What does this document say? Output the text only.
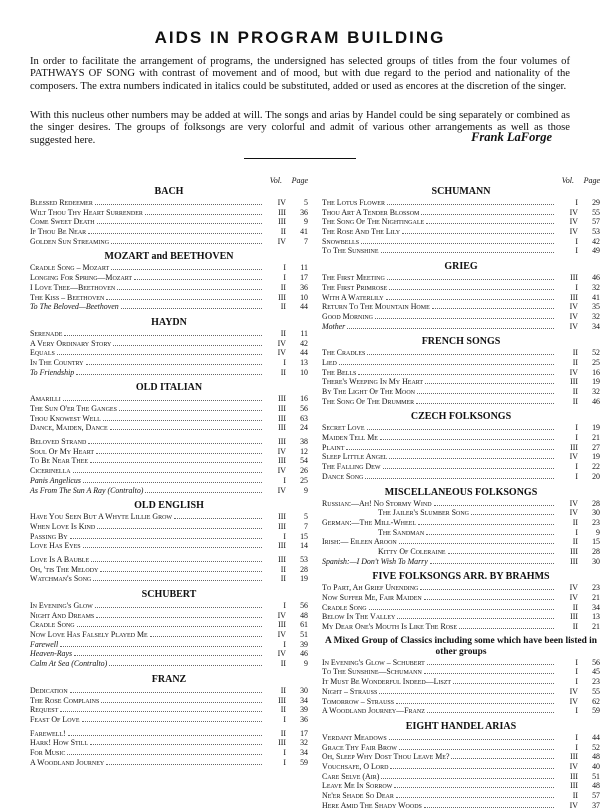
AIDS IN PROGRAM BUILDING

In order to facilitate the arrangement of programs, the undersigned has selected groups of titles from the four volumes of PATHWAYS OF SONG with contrast of movement and of mood, but with due regard to the period and nationality of the composers. The extra numbers indicated in italics could be substituted, added or used as encores at the discretion of the singer.

With this nucleus other numbers may be added at will. The songs and arias by Handel could be sing separately or combined as the singer desires. The groups of folksongs are very colorful and admit of various other arrangements as well as those suggested here.	Frank LaForge
Vol. Page
BACH
Blessed Redeemer	IV	5
Wilt Thou Thy Heart Surrender	III	36
Come Sweet Death	III	9
If Thou Be Near	II	41
Golden Sun Streaming	IV	7
MOZART and BEETHOVEN
Cradle Song – Mozart	I	11
Longing For Spring—Mozart	I	17
I Love Thee—Beethoven	II	36
The Kiss – Beethoven	III	10
To The Beloved—Beethoven	II	44
HAYDN
Serenade	II	11
A Very Ordinary Story	IV	42
Equals	IV	44
In The Country	I	13
To Friendship	II	10
OLD ITALIAN
Amarilli	III	16
The Sun O'er The Ganges	III	56
Thou Knowest Well	III	63
Dance, Maiden, Dance	III	24
Beloved Strand	III	38
Soul Of My Heart	IV	12
To Be Near Thee	III	54
Cicerinella	IV	26
Panis Angelicus	I	25
As From The Sun A Ray (Contralto)	IV	9
OLD ENGLISH
Have You Seen But A Whyte Lillie Grow	III	5
When Love Is Kind	III	7
Passing By	I	15
Love Has Eyes	III	14
Love Is A Bauble	III	53
Oh, 'tis The Melody	II	28
Watchman's Song	II	19
SCHUBERT
In Evening's Glow	I	56
Night And Dreams	IV	48
Cradle Song	III	61
Now Love Has Falsely Played Me	IV	51
Farewell	I	39
Heaven-Rays	IV	46
Calm At Sea (Contralto)	II	9
FRANZ
Dedication	II	30
The Rose Complains	III	34
Request	II	39
Feast Of Love	I	36
Farewell!	II	17
Hark! How Still	III	32
For Music	I	34
A Woodland Journey	I	59
Vol. Page
SCHUMANN
The Lotus Flower	I	29
Thou Art A Tender Blossom	IV	55
The Song Of The Nightingale	IV	57
The Rose And The Lily	IV	53
Snowbells	I	42
To The Sunshine	I	49
GRIEG
The First Meeting	III	46
The First Primrose	I	32
With A Waterlily	III	41
Return To The Mountain Home	IV	35
Good Morning	IV	32
Mother	IV	34
FRENCH SONGS
The Cradles	II	52
Lied	II	25
The Bells	IV	16
There's Weeping In My Heart	III	19
By The Light Of The Moon	II	32
The Song Of The Drummer	II	46
CZECH FOLKSONGS
Secret Love	I	19
Maiden Tell Me	I	21
Plaint	III	27
Sleep Little Angel	IV	19
The Falling Dew	I	22
Dance Song	I	20
MISCELLANEOUS FOLKSONGS
Russian:—Ah! No Stormy Wind	IV	28
The Jailer's Slumber Song	IV	30
German:—The Mill-Wheel	II	23
The Sandman	I	9
Irish:— Eileen Aroon	II	15
Kitty Of Coleraine	III	28
Spanish:—I Don't Wish To Marry	III	30
FIVE FOLKSONGS ARR. BY BRAHMS
To Part, Ah Grief Unending	IV	23
Now Suffer Me, Fair Maiden	IV	21
Cradle Song	II	34
Below In The Valley	III	13
My Dear One's Mouth Is Like The Rose	II	21
A Mixed Group of Classics including some which have been listed in other groups
In Evening's Glow – Schubert	I	56
To The Sunshine—Schumann	I	45
It Must Be Wonderful Indeed—Liszt	I	23
Night – Strauss	IV	55
Tomorrow – Strauss	IV	62
A Woodland Journey—Franz	I	59
EIGHT HANDEL ARIAS
Verdant Meadows	I	44
Grace Thy Fair Brow	I	52
Oh, Sleep Why Dost Thou Leave Me?	III	48
Vouchsafe, O Lord	IV	40
Care Selve (Air)	III	51
Leave Me In Sorrow	III	48
Ne'er Shade So Dear	II	57
Here Amid The Shady Woods	IV	37
